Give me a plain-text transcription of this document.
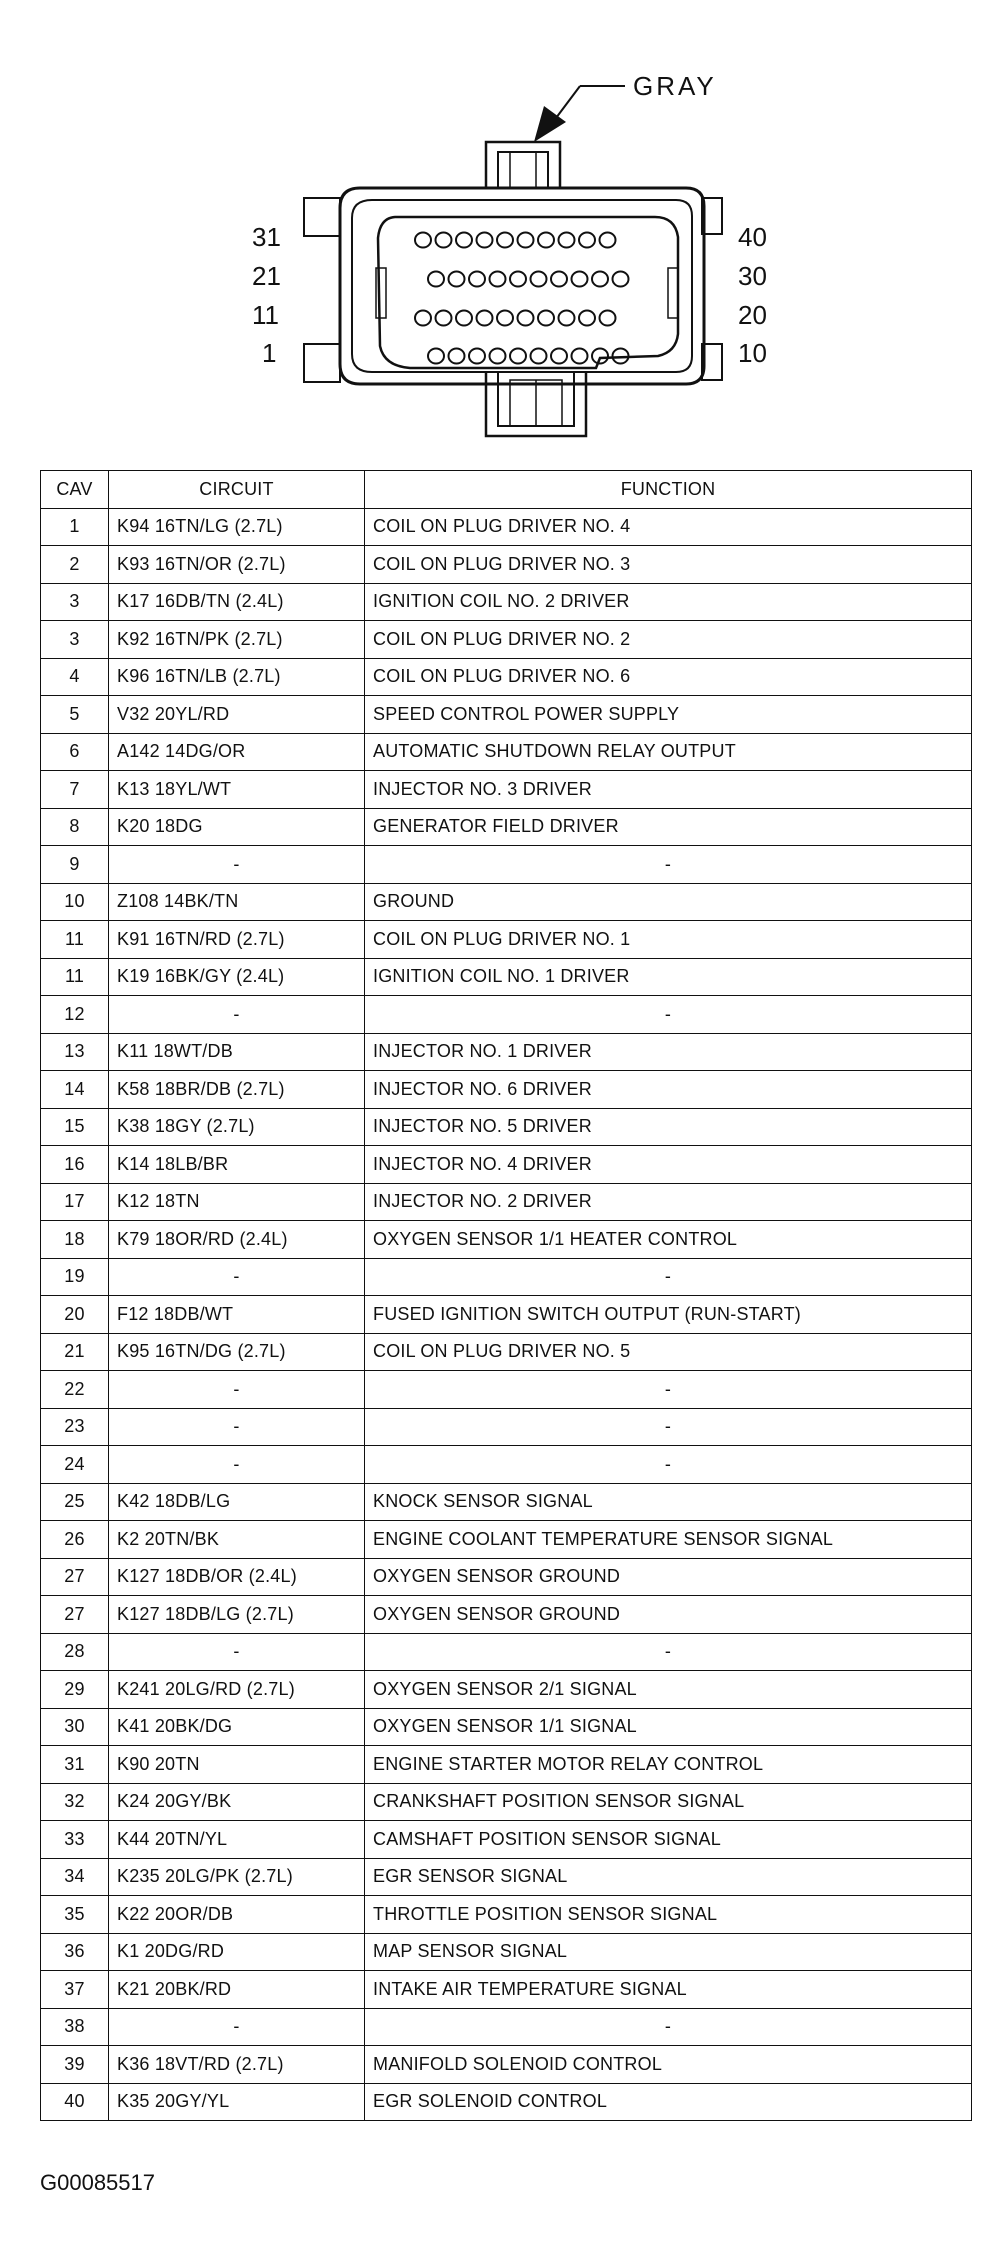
GRAY
31
21
11
1
40
30
20
10
CAV	CIRCUIT	FUNCTION
1	K94 16TN/LG (2.7L)	COIL ON PLUG DRIVER NO. 4
2	K93 16TN/OR (2.7L)	COIL ON PLUG DRIVER NO. 3
3	K17 16DB/TN (2.4L)	IGNITION COIL NO. 2 DRIVER
3	K92 16TN/PK (2.7L)	COIL ON PLUG DRIVER NO. 2
4	K96 16TN/LB (2.7L)	COIL ON PLUG DRIVER NO. 6
5	V32 20YL/RD	SPEED CONTROL POWER SUPPLY
6	A142 14DG/OR	AUTOMATIC SHUTDOWN RELAY OUTPUT
7	K13 18YL/WT	INJECTOR NO. 3 DRIVER
8	K20 18DG	GENERATOR FIELD DRIVER
9	-	-
10	Z108 14BK/TN	GROUND
11	K91 16TN/RD (2.7L)	COIL ON PLUG DRIVER NO. 1
11	K19 16BK/GY (2.4L)	IGNITION COIL NO. 1 DRIVER
12	-	-
13	K11 18WT/DB	INJECTOR NO. 1 DRIVER
14	K58 18BR/DB (2.7L)	INJECTOR NO. 6 DRIVER
15	K38 18GY (2.7L)	INJECTOR NO. 5 DRIVER
16	K14 18LB/BR	INJECTOR NO. 4 DRIVER
17	K12 18TN	INJECTOR NO. 2 DRIVER
18	K79 18OR/RD (2.4L)	OXYGEN SENSOR 1/1 HEATER CONTROL
19	-	-
20	F12 18DB/WT	FUSED IGNITION SWITCH OUTPUT (RUN-START)
21	K95 16TN/DG (2.7L)	COIL ON PLUG DRIVER NO. 5
22	-	-
23	-	-
24	-	-
25	K42 18DB/LG	KNOCK SENSOR SIGNAL
26	K2 20TN/BK	ENGINE COOLANT TEMPERATURE SENSOR SIGNAL
27	K127 18DB/OR (2.4L)	OXYGEN SENSOR GROUND
27	K127 18DB/LG (2.7L)	OXYGEN SENSOR GROUND
28	-	-
29	K241 20LG/RD (2.7L)	OXYGEN SENSOR 2/1 SIGNAL
30	K41 20BK/DG	OXYGEN SENSOR 1/1 SIGNAL
31	K90 20TN	ENGINE STARTER MOTOR RELAY CONTROL
32	K24 20GY/BK	CRANKSHAFT POSITION SENSOR SIGNAL
33	K44 20TN/YL	CAMSHAFT POSITION SENSOR SIGNAL
34	K235 20LG/PK (2.7L)	EGR SENSOR SIGNAL
35	K22 20OR/DB	THROTTLE POSITION SENSOR SIGNAL
36	K1 20DG/RD	MAP SENSOR SIGNAL
37	K21 20BK/RD	INTAKE AIR TEMPERATURE SIGNAL
38	-	-
39	K36 18VT/RD (2.7L)	MANIFOLD SOLENOID CONTROL
40	K35 20GY/YL	EGR SOLENOID CONTROL
G00085517
